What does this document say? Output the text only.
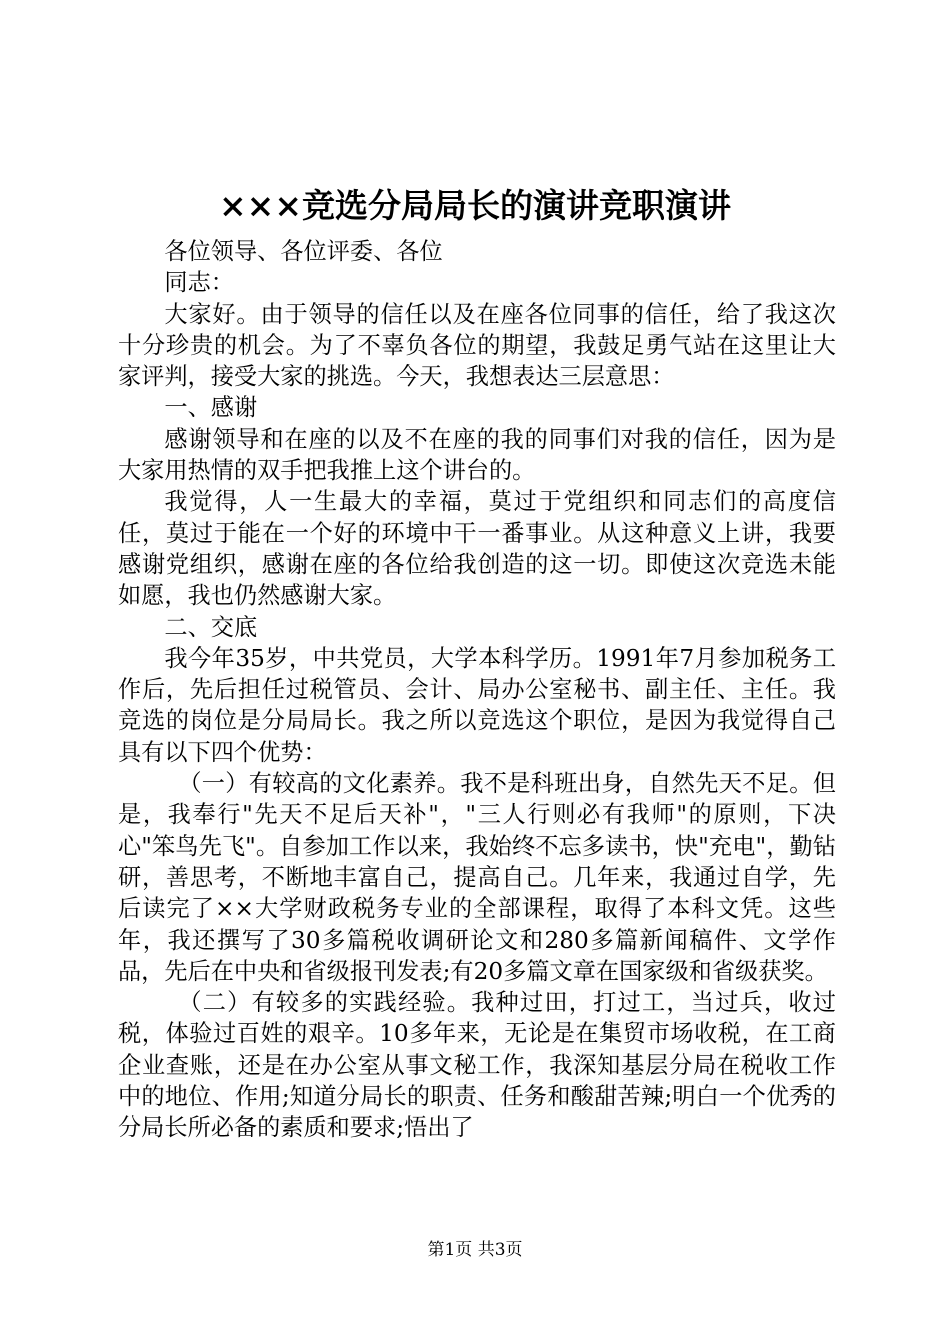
×××竞选分局局长的演讲竞职演讲

各位领导、各位评委、各位

同志：

大家好。由于领导的信任以及在座各位同事的信任，给了我这次十分珍贵的机会。为了不辜负各位的期望，我鼓足勇气站在这里让大家评判，接受大家的挑选。今天，我想表达三层意思：

一、感谢

感谢领导和在座的以及不在座的我的同事们对我的信任，因为是大家用热情的双手把我推上这个讲台的。

我觉得，人一生最大的幸福，莫过于党组织和同志们的高度信任，莫过于能在一个好的环境中干一番事业。从这种意义上讲，我要感谢党组织，感谢在座的各位给我创造的这一切。即使这次竞选未能如愿，我也仍然感谢大家。

二、交底

我今年35岁，中共党员，大学本科学历。1991年7月参加税务工作后，先后担任过税管员、会计、局办公室秘书、副主任、主任。我竞选的岗位是分局局长。我之所以竞选这个职位，是因为我觉得自己具有以下四个优势：

（一）有较高的文化素养。我不是科班出身，自然先天不足。但是，我奉行"先天不足后天补"，"三人行则必有我师"的原则，下决心"笨鸟先飞"。自参加工作以来，我始终不忘多读书，快"充电"，勤钻研，善思考，不断地丰富自己，提高自己。几年来，我通过自学，先后读完了××大学财政税务专业的全部课程，取得了本科文凭。这些年，我还撰写了30多篇税收调研论文和280多篇新闻稿件、文学作品，先后在中央和省级报刊发表;有20多篇文章在国家级和省级获奖。

（二）有较多的实践经验。我种过田，打过工，当过兵，收过税，体验过百姓的艰辛。10多年来，无论是在集贸市场收税，在工商企业查账，还是在办公室从事文秘工作，我深知基层分局在税收工作中的地位、作用;知道分局长的职责、任务和酸甜苦辣;明白一个优秀的分局长所必备的素质和要求;悟出了

第1页 共3页
